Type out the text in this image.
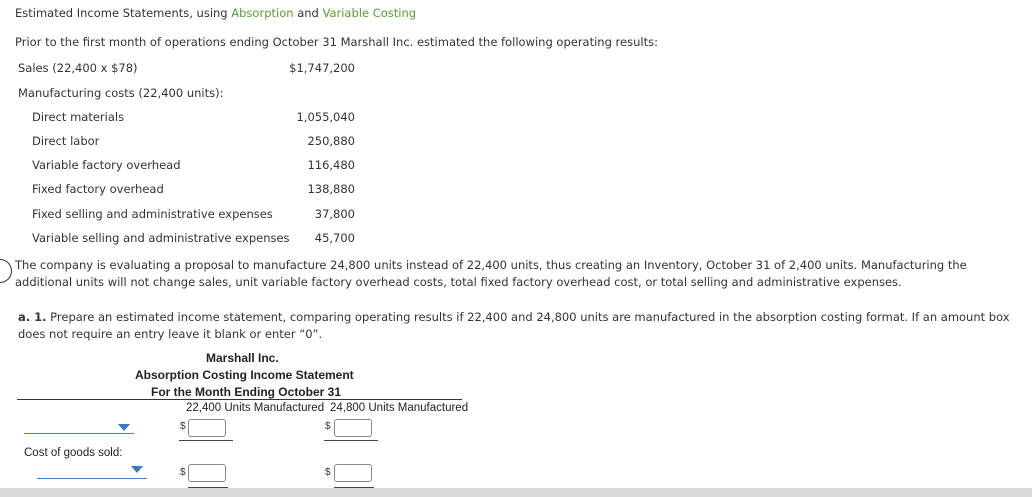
Estimated Income Statements, using Absorption and Variable Costing
Prior to the first month of operations ending October 31 Marshall Inc. estimated the following operating results:
Sales (22,400 x $78)	$1,747,200
Manufacturing costs (22,400 units):
Direct materials	1,055,040
Direct labor	250,880
Variable factory overhead	116,480
Fixed factory overhead	138,880
Fixed selling and administrative expenses	37,800
Variable selling and administrative expenses	45,700
The company is evaluating a proposal to manufacture 24,800 units instead of 22,400 units, thus creating an Inventory, October 31 of 2,400 units. Manufacturing the additional units will not change sales, unit variable factory overhead costs, total fixed factory overhead cost, or total selling and administrative expenses.
a. 1. Prepare an estimated income statement, comparing operating results if 22,400 and 24,800 units are manufactured in the absorption costing format. If an amount box does not require an entry leave it blank or enter “0”.
Marshall Inc.
Absorption Costing Income Statement
For the Month Ending October 31
22,400 Units Manufactured 24,800 Units Manufactured
$	$
Cost of goods sold:
$	$
